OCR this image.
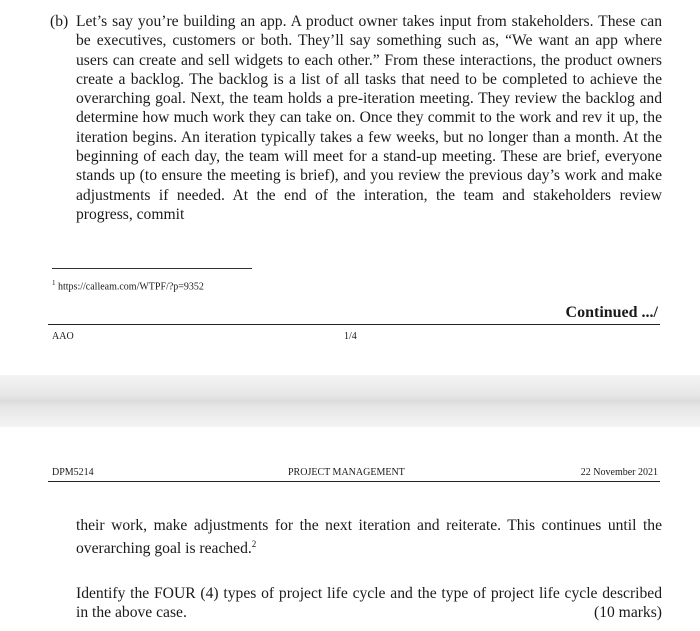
(b) Let’s say you’re building an app. A product owner takes input from stakeholders. These can be executives, customers or both. They’ll say something such as, “We want an app where users can create and sell widgets to each other.” From these interactions, the product owners create a backlog. The backlog is a list of all tasks that need to be completed to achieve the overarching goal. Next, the team holds a pre-iteration meeting. They review the backlog and determine how much work they can take on. Once they commit to the work and rev it up, the iteration begins. An iteration typically takes a few weeks, but no longer than a month. At the beginning of each day, the team will meet for a stand-up meeting. These are brief, everyone stands up (to ensure the meeting is brief), and you review the previous day’s work and make adjustments if needed. At the end of the interation, the team and stakeholders review progress, commit
$^1$ https://calleam.com/WTPF/?p=9352
Continued .../
AAO	1/4
DPM5214	PROJECT MANAGEMENT	22 November 2021
their work, make adjustments for the next iteration and reiterate. This continues until the overarching goal is reached.$^2$
Identify the FOUR (4) types of project life cycle and the type of project life cycle described in the above case.	(10 marks)
